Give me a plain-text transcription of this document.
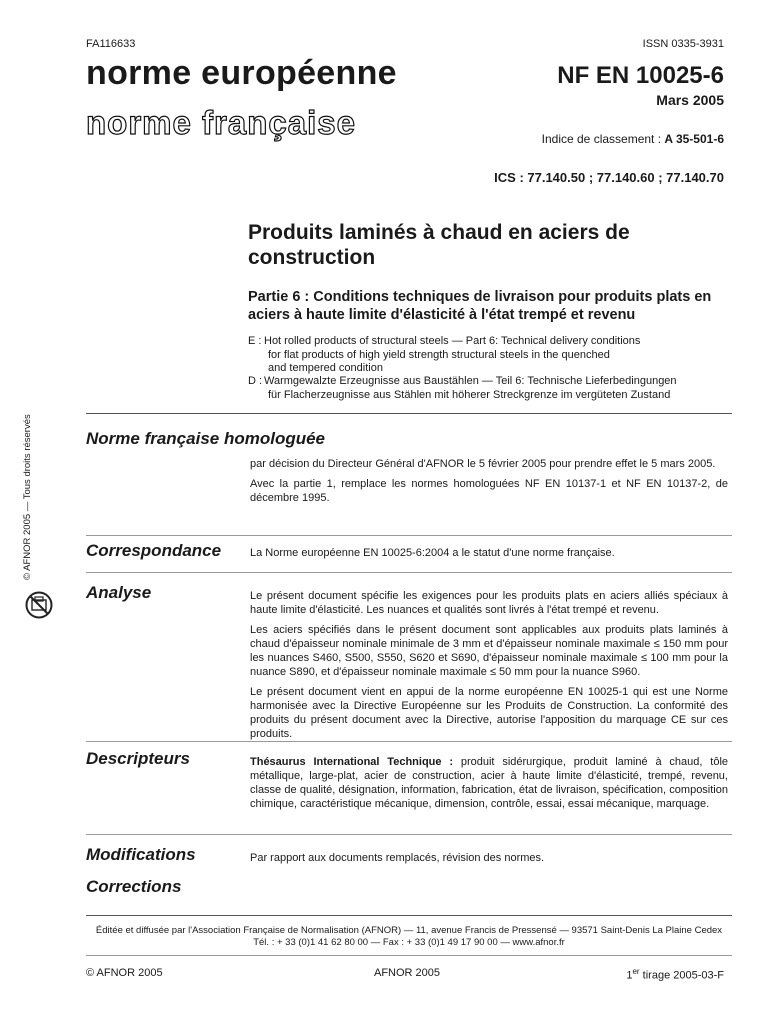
FA116633	ISSN 0335-3931
norme européenne
norme française
NF EN 10025-6
Mars 2005
Indice de classement : A 35-501-6
ICS : 77.140.50 ; 77.140.60 ; 77.140.70
Produits laminés à chaud en aciers de construction
Partie 6 : Conditions techniques de livraison pour produits plats en aciers à haute limite d'élasticité à l'état trempé et revenu
E : Hot rolled products of structural steels — Part 6: Technical delivery conditions
for flat products of high yield strength structural steels in the quenched
and tempered condition
D : Warmgewalzte Erzeugnisse aus Baustählen — Teil 6: Technische Lieferbedingungen
für Flacherzeugnisse aus Stählen mit höherer Streckgrenze im vergüteten Zustand
© AFNOR 2005 — Tous droits réservés	Norme française homologuée

par décision du Directeur Général d'AFNOR le 5 février 2005 pour prendre effet le 5 mars 2005.

Avec la partie 1, remplace les normes homologuées NF EN 10137-1 et NF EN 10137-2, de décembre 1995.

Correspondance	La Norme européenne EN 10025-6:2004 a le statut d'une norme française.

Analyse	Le présent document spécifie les exigences pour les produits plats en aciers alliés spéciaux à haute limite d'élasticité. Les nuances et qualités sont livrés à l'état trempé et revenu.

Les aciers spécifiés dans le présent document sont applicables aux produits plats laminés à chaud d'épaisseur nominale minimale de 3 mm et d'épaisseur nominale maximale ≤ 150 mm pour les nuances S460, S500, S550, S620 et S690, d'épaisseur nominale maximale ≤ 100 mm pour la nuance S890, et d'épaisseur nominale maximale ≤ 50 mm pour la nuance S960.

Le présent document vient en appui de la norme européenne EN 10025-1 qui est une Norme harmonisée avec la Directive Européenne sur les Produits de Construction. La conformité des produits du présent document avec la Directive, autorise l'apposition du marquage CE sur ces produits.

Descripteurs	Thésaurus International Technique : produit sidérurgique, produit laminé à chaud, tôle métallique, large-plat, acier de construction, acier à haute limite d'élasticité, trempé, revenu, classe de qualité, désignation, information, fabrication, état de livraison, spécification, composition chimique, caractéristique mécanique, dimension, contrôle, essai, essai mécanique, marquage.

Modifications	Par rapport aux documents remplacés, révision des normes.

Corrections
Éditée et diffusée par l'Association Française de Normalisation (AFNOR) — 11, avenue Francis de Pressensé — 93571 Saint-Denis La Plaine Cedex
Tél. : + 33 (0)1 41 62 80 00 — Fax : + 33 (0)1 49 17 90 00 — www.afnor.fr
© AFNOR 2005	AFNOR 2005	1er tirage 2005-03-F
